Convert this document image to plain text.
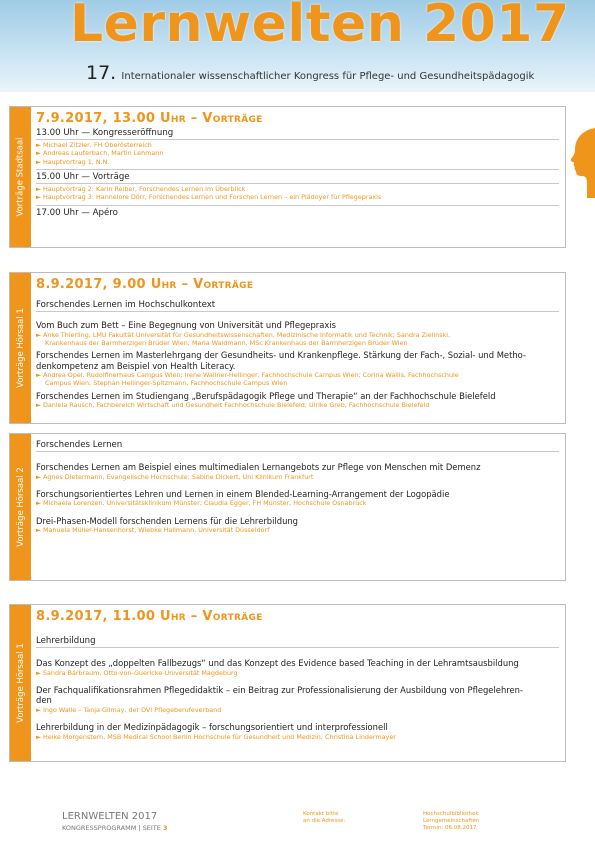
Lernwelten 2017
17. Internationaler wissenschaftlicher Kongress für Pflege- und Gesundheitspädagogik
Vorträge Stadtsaal
7.9.2017, 13.00 Uhr – Vorträge
13.00 Uhr — Kongresseröffnung
► Michael Zitzler, FH Oberösterreich
► Andreas Lauterbach, Martin Lehmann
► Hauptvortrag 1, N.N.
15.00 Uhr — Vorträge
► Hauptvortrag 2: Karin Reiber, Forschendes Lernen im Überblick
► Hauptvortrag 3: Hannelore Dörr, Forschendes Lernen und Forschen Lernen – ein Plädoyer für Pflegepraxis
17.00 Uhr — Apéro
Vorträge Hörsaal 1
8.9.2017, 9.00 Uhr – Vorträge
Forschendes Lernen im Hochschulkontext
Vom Buch zum Bett – Eine Begegnung von Universität und Pflegepraxis
► Anke Thierling, LMU Fakultät Universität für Gesundheitswissenschaften, Medizinische Informatik und Technik; Sandra Zielinski,
Krankenhaus der Barmherzigen Brüder Wien; Maria Waldmann, MSc Krankenhaus der Barmherzigen Brüder Wien
Forschendes Lernen im Masterlehrgang der Gesundheits- und Krankenpflege. Stärkung der Fach-, Sozial- und Metho-
denkompetenz am Beispiel von Health Literacy.
► Andrea Opel, Rudolfinerhaus Campus Wien; Irene Wallner-Hellinger, Fachhochschule Campus Wien; Corina Wallis, Fachhochschule
Campus Wien; Stephan Hellinger-Spitzmann, Fachhochschule Campus Wien
Forschendes Lernen im Studiengang „Berufspädagogik Pflege und Therapie“ an der Fachhochschule Bielefeld
► Daniela Rausch, Fachbereich Wirtschaft und Gesundheit Fachhochschule Bielefeld; Ulrike Greb, Fachhochschule Bielefeld
Vorträge Hörsaal 2
Forschendes Lernen
Forschendes Lernen am Beispiel eines multimedialen Lernangebots zur Pflege von Menschen mit Demenz
► Agnes Dietermann, Evangelische Hochschule; Sabine Dickert, Uni Klinikum Frankfurt
Forschungsorientiertes Lehren und Lernen in einem Blended-Learning-Arrangement der Logopädie
► Michaela Lorenzen, Universitätsklinikum Münster; Claudia Egger, FH Münster, Hochschule Osnabrück
Drei-Phasen-Modell forschenden Lernens für die Lehrerbildung
► Manuela Müller-Hansenhorst, Wiebke Hallmann, Universität Düsseldorf
Vorträge Hörsaal 1
8.9.2017, 11.00 Uhr – Vorträge
Lehrerbildung
Das Konzept des „doppelten Fallbezugs“ und das Konzept des Evidence based Teaching in der Lehramtsausbildung
► Sandra Bärbraum, Otto-von-Guericke-Universität Magdeburg
Der Fachqualifikationsrahmen Pflegedidaktik – ein Beitrag zur Professionalisierung der Ausbildung von Pflegelehren-
den
► Ingo Walle – Tanja Gilmay, der DVI Pflegeberufeverband
Lehrerbildung in der Medizinpädagogik – forschungsorientiert und interprofessionell
► Heike Morgenstern, MSB Medical School Berlin Hochschule für Gesundheit und Medizin; Christina Lindermayer
LERNWELTEN 2017
KONGRESSPROGRAMM | SEITE 3
Kontakt bitte
an die Adresse:
Hochschulbibliothek
Lerngemeinschaften
Termin: 06.08.2017
